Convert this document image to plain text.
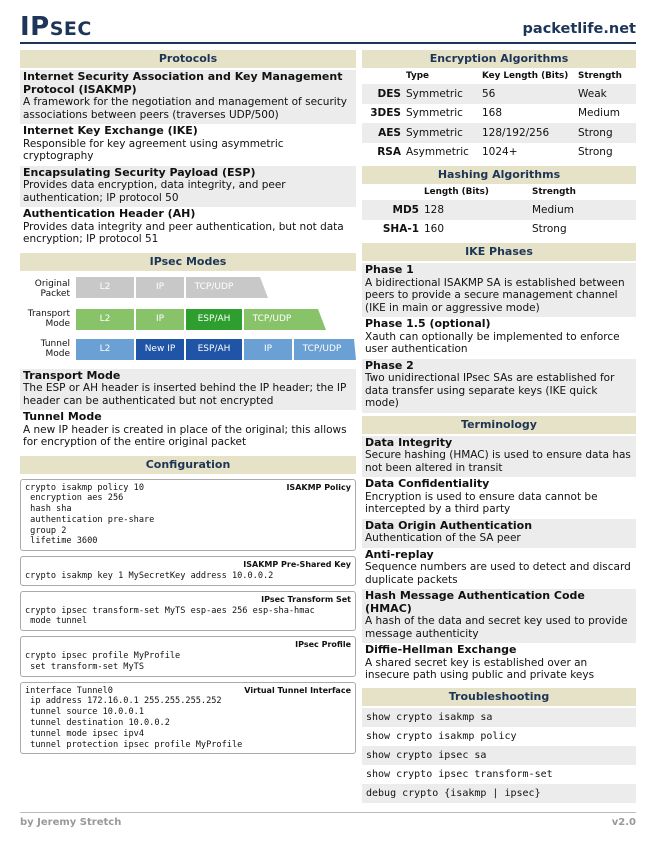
IPSEC	packetlife.net
Protocols
Internet Security Association and Key Management Protocol (ISAKMP)
A framework for the negotiation and management of security associations between peers (traverses UDP/500)
Internet Key Exchange (IKE)
Responsible for key agreement using asymmetric cryptography
Encapsulating Security Payload (ESP)
Provides data encryption, data integrity, and peer authentication; IP protocol 50
Authentication Header (AH)
Provides data integrity and peer authentication, but not data encryption; IP protocol 51
IPsec Modes
Original
Packet
L2	IP	TCP/UDP
Transport
Mode	L2	IP	ESP/AH	TCP/UDP
Tunnel
Mode	L2	New IP	ESP/AH	IP	TCP/UDP
Transport Mode
The ESP or AH header is inserted behind the IP header; the IP header can be authenticated but not encrypted
Tunnel Mode
A new IP header is created in place of the original; this allows for encryption of the entire original packet
Configuration
ISAKMP Policy
crypto isakmp policy 10
encryption aes 256
hash sha
authentication pre-share
group 2
lifetime 3600
ISAKMP Pre-Shared Key

crypto isakmp key 1 MySecretKey address 10.0.0.2
IPsec Transform Set

crypto ipsec transform-set MyTS esp-aes 256 esp-sha-hmac
mode tunnel
IPsec Profile

crypto ipsec profile MyProfile
set transform-set MyTS
Virtual Tunnel Interface
interface Tunnel0
ip address 172.16.0.1 255.255.255.252
tunnel source 10.0.0.1
tunnel destination 10.0.0.2
tunnel mode ipsec ipv4
tunnel protection ipsec profile MyProfile
Encryption Algorithms
	Type	Key Length (Bits)	Strength
DES	Symmetric	56	Weak
3DES	Symmetric	168	Medium
AES	Symmetric	128/192/256	Strong
RSA	Asymmetric	1024+	Strong
Hashing Algorithms
	Length (Bits)	Strength
MD5	128	Medium
SHA-1	160	Strong
IKE Phases
Phase 1
A bidirectional ISAKMP SA is established between peers to provide a secure management channel (IKE in main or aggressive mode)
Phase 1.5 (optional)
Xauth can optionally be implemented to enforce user authentication
Phase 2
Two unidirectional IPsec SAs are established for data transfer using separate keys (IKE quick mode)
Terminology
Data Integrity
Secure hashing (HMAC) is used to ensure data has not been altered in transit
Data Confidentiality
Encryption is used to ensure data cannot be intercepted by a third party
Data Origin Authentication
Authentication of the SA peer
Anti-replay
Sequence numbers are used to detect and discard duplicate packets
Hash Message Authentication Code (HMAC)
A hash of the data and secret key used to provide message authenticity
Diffie-Hellman Exchange
A shared secret key is established over an insecure path using public and private keys
Troubleshooting
show crypto isakmp sa
show crypto isakmp policy
show crypto ipsec sa
show crypto ipsec transform-set
debug crypto {isakmp | ipsec}
by Jeremy Stretch	v2.0
